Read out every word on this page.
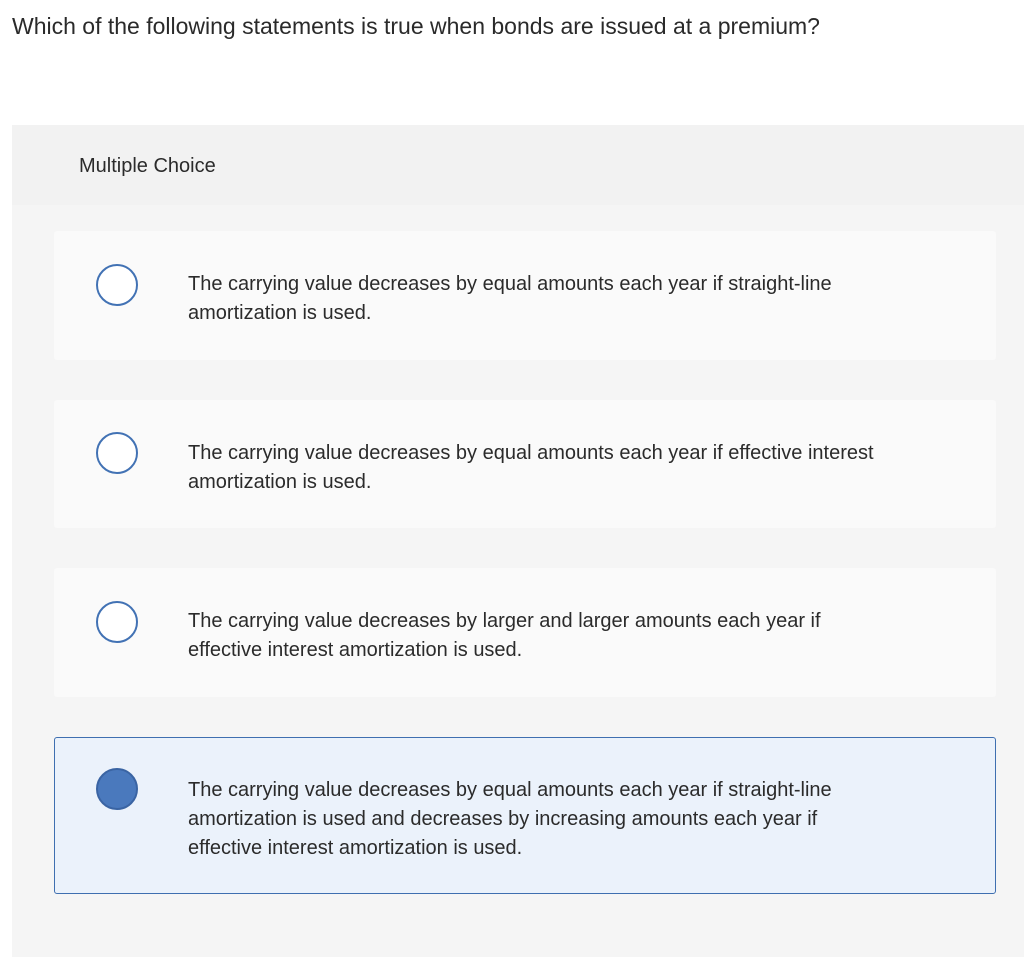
Which of the following statements is true when bonds are issued at a premium?
Multiple Choice
The carrying value decreases by equal amounts each year if straight-line amortization is used.
The carrying value decreases by equal amounts each year if effective interest amortization is used.
The carrying value decreases by larger and larger amounts each year if effective interest amortization is used.
The carrying value decreases by equal amounts each year if straight-line amortization is used and decreases by increasing amounts each year if effective interest amortization is used.
